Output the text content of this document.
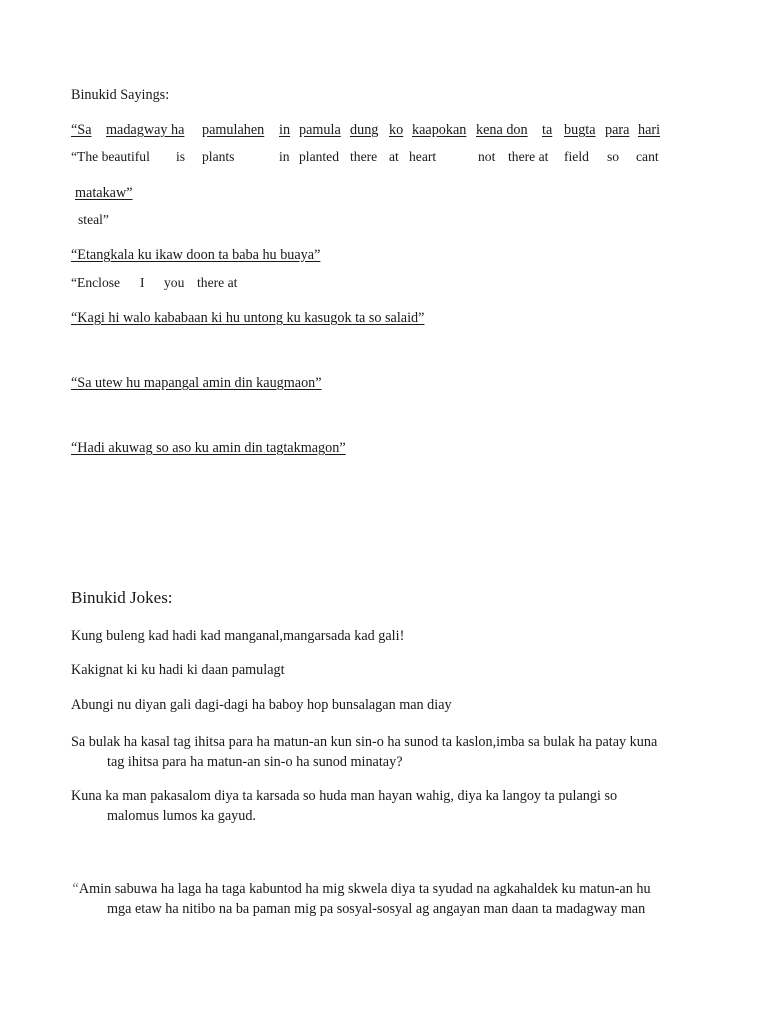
Binukid Sayings:
“Sa madagway ha pamulahen in pamula dung ko kaapokan kena don ta bugta para hari
“The beautiful is plants	in planted there at heart	not there at field so cant
matakaw”
steal”
“Etangkala ku ikaw doon ta baba hu buaya”
“Enclose I you there at
“Kagi hi walo kababaan ki hu untong ku kasugok ta so salaid”
“Sa utew hu mapangal amin din kaugmaon”
“Hadi akuwag so aso ku amin din tagtakmagon”
Binukid Jokes:
Kung buleng kad hadi kad manganal,mangarsada kad gali!
Kakignat ki ku hadi ki daan pamulagt
Abungi nu diyan gali dagi-dagi ha baboy hop bunsalagan man diay
Sa bulak ha kasal tag ihitsa para ha matun-an kun sin-o ha sunod ta kaslon,imba sa bulak ha patay kuna
tag ihitsa para ha matun-an sin-o ha sunod minatay?
Kuna ka man pakasalom diya ta karsada so huda man hayan wahig, diya ka langoy ta pulangi so
malomus lumos ka gayud.
“Amin sabuwa ha laga ha taga kabuntod ha mig skwela diya ta syudad na agkahaldek ku matun-an hu
mga etaw ha nitibo na ba paman mig pa sosyal-sosyal ag angayan man daan ta madagway man
